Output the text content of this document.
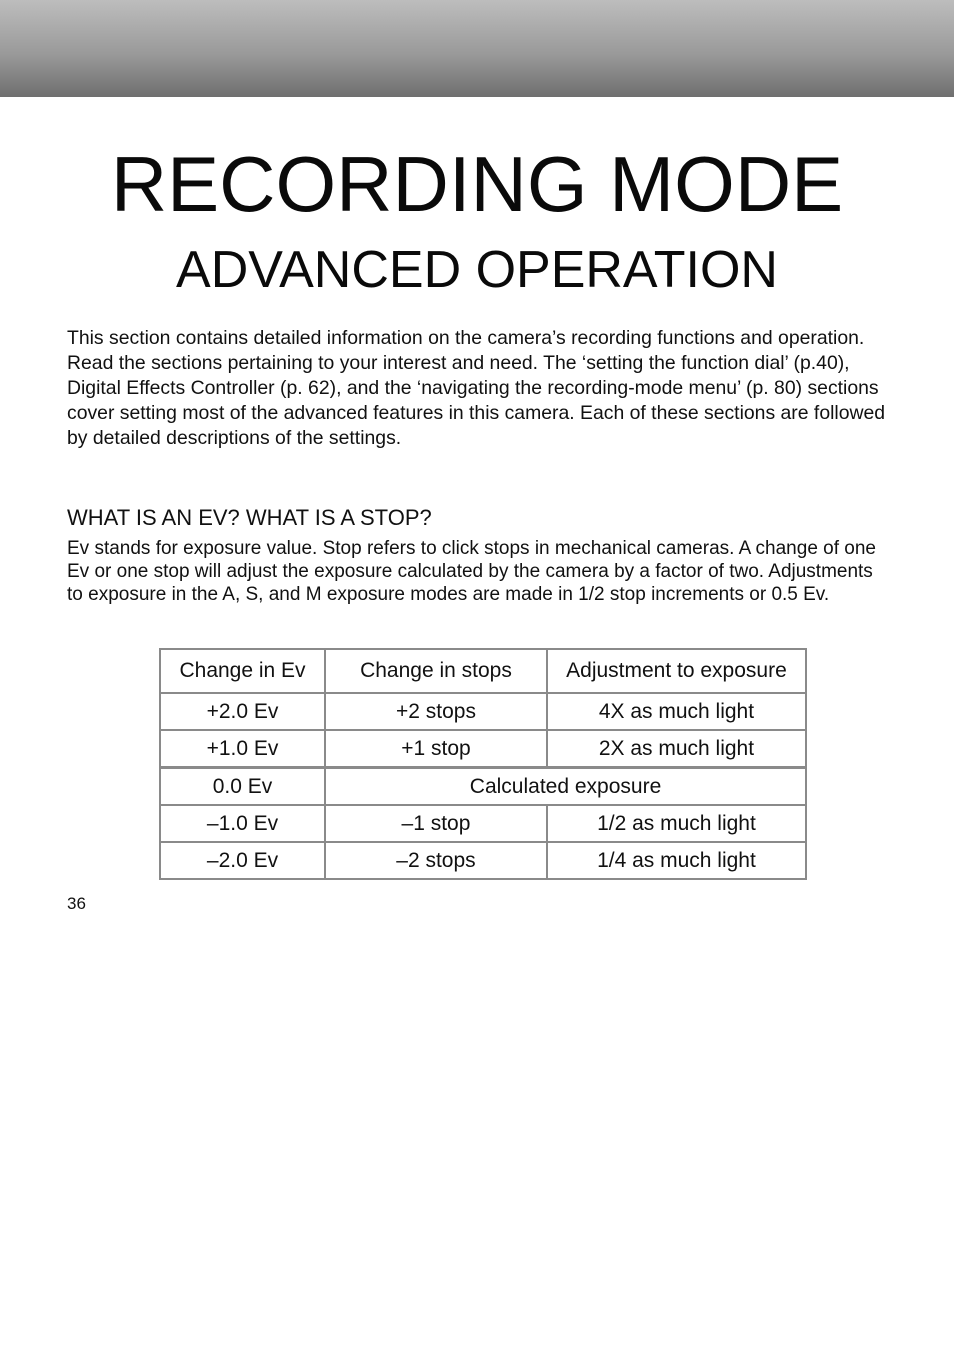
RECORDING MODE
ADVANCED OPERATION

This section contains detailed information on the camera’s recording functions and operation. Read the sections pertaining to your interest and need. The ‘setting the function dial’ (p.40), Digital Effects Controller (p. 62), and the ‘navigating the recording-mode menu’ (p. 80) sections cover setting most of the advanced features in this camera. Each of these sections are followed by detailed descriptions of the settings.

WHAT IS AN EV? WHAT IS A STOP?

Ev stands for exposure value. Stop refers to click stops in mechanical cameras. A change of one Ev or one stop will adjust the exposure calculated by the camera by a factor of two. Adjustments to exposure in the A, S, and M exposure modes are made in 1/2 stop increments or 0.5 Ev.

Change in Ev	Change in stops	Adjustment to exposure
+2.0 Ev	+2 stops	4X as much light
+1.0 Ev	+1 stop	2X as much light
0.0 Ev	Calculated exposure	
–1.0 Ev	–1 stop	1/2 as much light
–2.0 Ev	–2 stops	1/4 as much light

36
